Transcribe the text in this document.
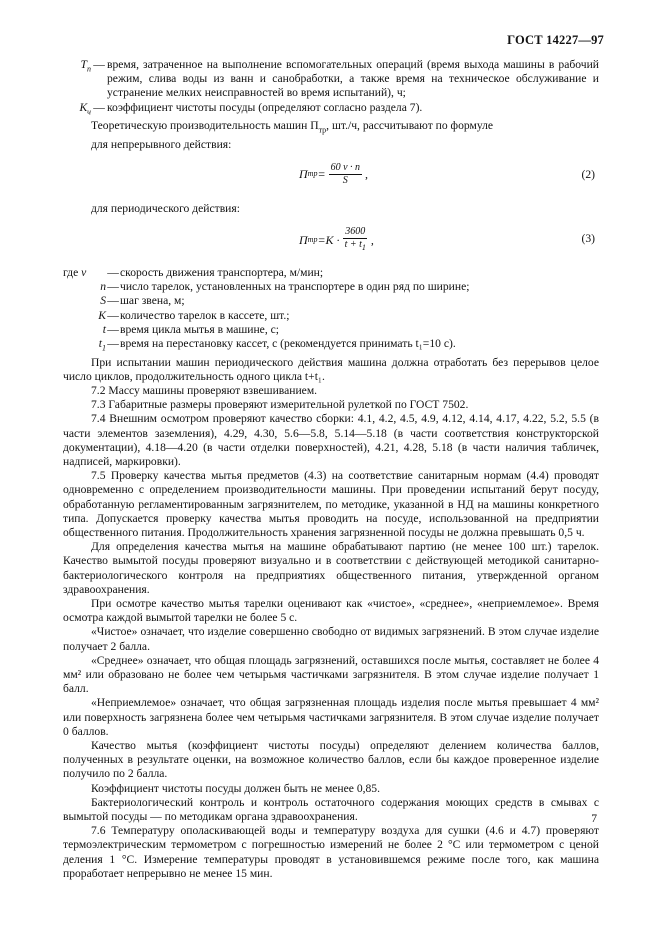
ГОСТ 14227—97
$T_п$ — время, затраченное на выполнение вспомогательных операций (время выхода машины в рабочий режим, слива воды из ванн и санобработки, а также время на техническое обслуживание и устранение мелких неисправностей во время испытаний), ч;
$K_ч$ — коэффициент чистоты посуды (определяют согласно раздела 7).

Теоретическую производительность машин $П_{тр}$, шт./ч, рассчитывают по формуле

для непрерывного действия:

П тр = $\frac{60 v \cdot n}{S}$ ,	(2)

для периодического действия:

П тр $=K \cdot \frac{3600}{t + t_1}$ ,	(3)
где v	— скорость движения транспортера, м/мин;
n — число тарелок, установленных на транспортере в один ряд по ширине;
S — шаг звена, м;
K — количество тарелок в кассете, шт.;
t — время цикла мытья в машине, с;
$t_1$ — время на перестановку кассет, с (рекомендуется принимать t₁=10 с).

При испытании машин периодического действия машина должна отработать без перерывов целое число циклов, продолжительность одного цикла t+t₁.

7.2 Массу машины проверяют взвешиванием.

7.3 Габаритные размеры проверяют измерительной рулеткой по ГОСТ 7502.

7.4 Внешним осмотром проверяют качество сборки: 4.1, 4.2, 4.5, 4.9, 4.12, 4.14, 4.17, 4.22, 5.2, 5.5 (в части элементов заземления), 4.29, 4.30, 5.6—5.8, 5.14—5.18 (в части соответствия конструкторской документации), 4.18—4.20 (в части отделки поверхностей), 4.21, 4.28, 5.18 (в части наличия табличек, надписей, маркировки).

7.5 Проверку качества мытья предметов (4.3) на соответствие санитарным нормам (4.4) проводят одновременно с определением производительности машины. При проведении испытаний берут посуду, обработанную регламентированным загрязнителем, по методике, указанной в НД на машины конкретного типа. Допускается проверку качества мытья проводить на посуде, использованной на предприятии общественного питания. Продолжительность хранения загрязненной посуды не должна превышать 0,5 ч.

Для определения качества мытья на машине обрабатывают партию (не менее 100 шт.) тарелок. Качество вымытой посуды проверяют визуально и в соответствии с действующей методикой санитарно-бактериологического контроля на предприятиях общественного питания, утвержденной органом здравоохранения.

При осмотре качество мытья тарелки оценивают как «чистое», «среднее», «неприемлемое». Время осмотра каждой вымытой тарелки не более 5 с.

«Чистое» означает, что изделие совершенно свободно от видимых загрязнений. В этом случае изделие получает 2 балла.

«Среднее» означает, что общая площадь загрязнений, оставшихся после мытья, составляет не более 4 мм² или образовано не более чем четырьмя частичками загрязнителя. В этом случае изделие получает 1 балл.

«Неприемлемое» означает, что общая загрязненная площадь изделия после мытья превышает 4 мм² или поверхность загрязнена более чем четырьмя частичками загрязнителя. В этом случае изделие получает 0 баллов.

Качество мытья (коэффициент чистоты посуды) определяют делением количества баллов, полученных в результате оценки, на возможное количество баллов, если бы каждое проверенное изделие получило по 2 балла.

Коэффициент чистоты посуды должен быть не менее 0,85.

Бактериологический контроль и контроль остаточного содержания моющих средств в смывах с вымытой посуды — по методикам органа здравоохранения.

7.6 Температуру ополаскивающей воды и температуру воздуха для сушки (4.6 и 4.7) проверяют термоэлектрическим термометром с погрешностью измерений не более 2 °С или термометром с ценой деления 1 °С. Измерение температуры проводят в установившемся режиме после того, как машина проработает непрерывно не менее 15 мин.

7
